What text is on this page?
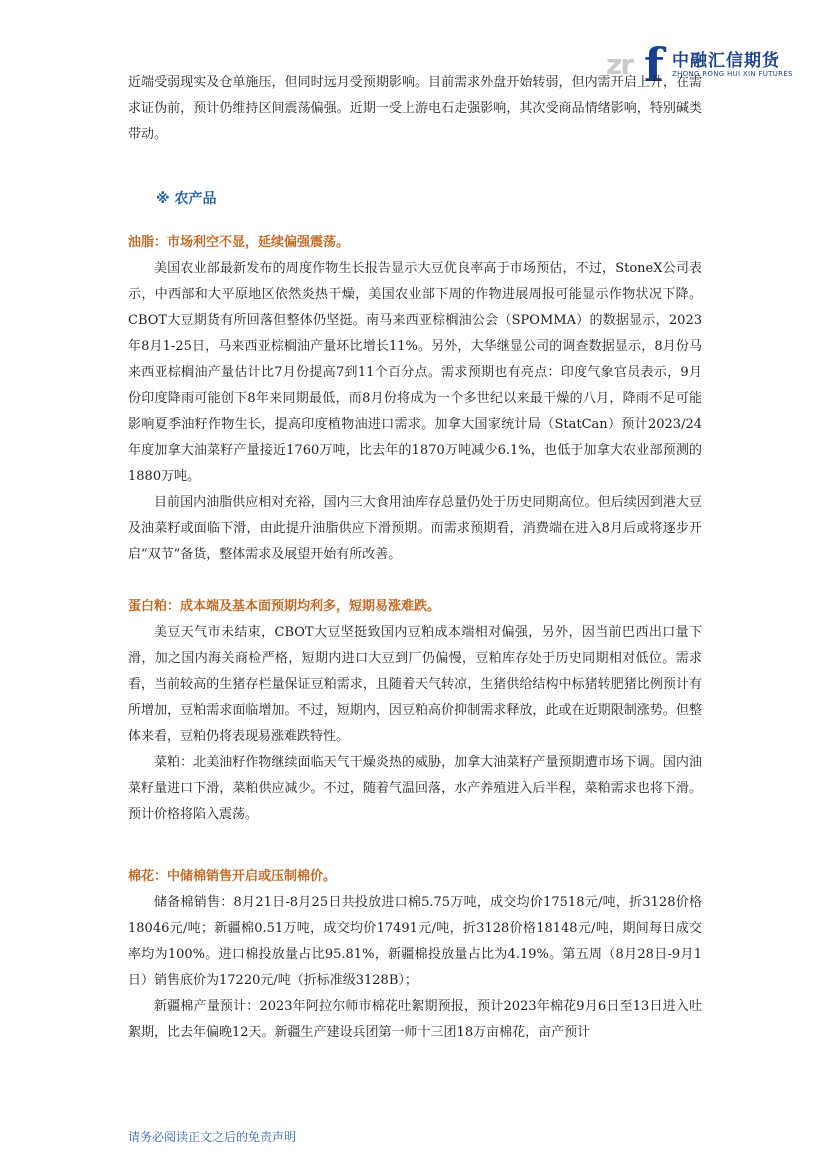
zr f 中融汇信期货
ZHONG RONG HUI XIN FUTURES

近端受弱现实及仓单施压，但同时远月受预期影响。目前需求外盘开始转弱，但内需开启上升，在需求证伪前，预计仍维持区间震荡偏强。近期一受上游电石走强影响，其次受商品情绪影响，特别碱类带动。

※ 农产品
油脂：市场利空不显，延续偏强震荡。

美国农业部最新发布的周度作物生长报告显示大豆优良率高于市场预估，不过，StoneX公司表示，中西部和大平原地区依然炎热干燥，美国农业部下周的作物进展周报可能显示作物状况下降。CBOT大豆期货有所回落但整体仍坚挺。南马来西亚棕榈油公会（SPOMMA）的数据显示，2023年8月1-25日，马来西亚棕榈油产量环比增长11%。另外，大华继显公司的调查数据显示，8月份马来西亚棕榈油产量估计比7月份提高7到11个百分点。需求预期也有亮点：印度气象官员表示，9月份印度降雨可能创下8年来同期最低，而8月份将成为一个多世纪以来最干燥的八月，降雨不足可能影响夏季油籽作物生长，提高印度植物油进口需求。加拿大国家统计局（StatCan）预计2023/24年度加拿大油菜籽产量接近1760万吨，比去年的1870万吨减少6.1%，也低于加拿大农业部预测的1880万吨。

目前国内油脂供应相对充裕，国内三大食用油库存总量仍处于历史同期高位。但后续因到港大豆及油菜籽或面临下滑，由此提升油脂供应下滑预期。而需求预期看，消费端在进入8月后或将逐步开启“双节”备货，整体需求及展望开始有所改善。

蛋白粕：成本端及基本面预期均利多，短期易涨难跌。

美豆天气市未结束，CBOT大豆坚挺致国内豆粕成本端相对偏强，另外，因当前巴西出口量下滑，加之国内海关商检严格，短期内进口大豆到厂仍偏慢，豆粕库存处于历史同期相对低位。需求看，当前较高的生猪存栏量保证豆粕需求，且随着天气转凉，生猪供给结构中标猪转肥猪比例预计有所增加，豆粕需求面临增加。不过，短期内，因豆粕高价抑制需求释放，此或在近期限制涨势。但整体来看，豆粕仍将表现易涨难跌特性。

菜粕：北美油籽作物继续面临天气干燥炎热的威胁，加拿大油菜籽产量预期遭市场下调。国内油菜籽量进口下滑，菜粕供应减少。不过，随着气温回落，水产养殖进入后半程，菜粕需求也将下滑。预计价格将陷入震荡。

棉花：中储棉销售开启或压制棉价。

储备棉销售：8月21日-8月25日共投放进口棉5.75万吨，成交均价17518元/吨，折3128价格18046元/吨；新疆棉0.51万吨，成交均价17491元/吨，折3128价格18148元/吨，期间每日成交率均为100%。进口棉投放量占比95.81%，新疆棉投放量占比为4.19%。第五周（8月28日-9月1日）销售底价为17220元/吨（折标准级3128B）；

新疆棉产量预计：2023年阿拉尔师市棉花吐絮期预报，预计2023年棉花9月6日至13日进入吐絮期，比去年偏晚12天。新疆生产建设兵团第一师十三团18万亩棉花，亩产预计

请务必阅读正文之后的免责声明
